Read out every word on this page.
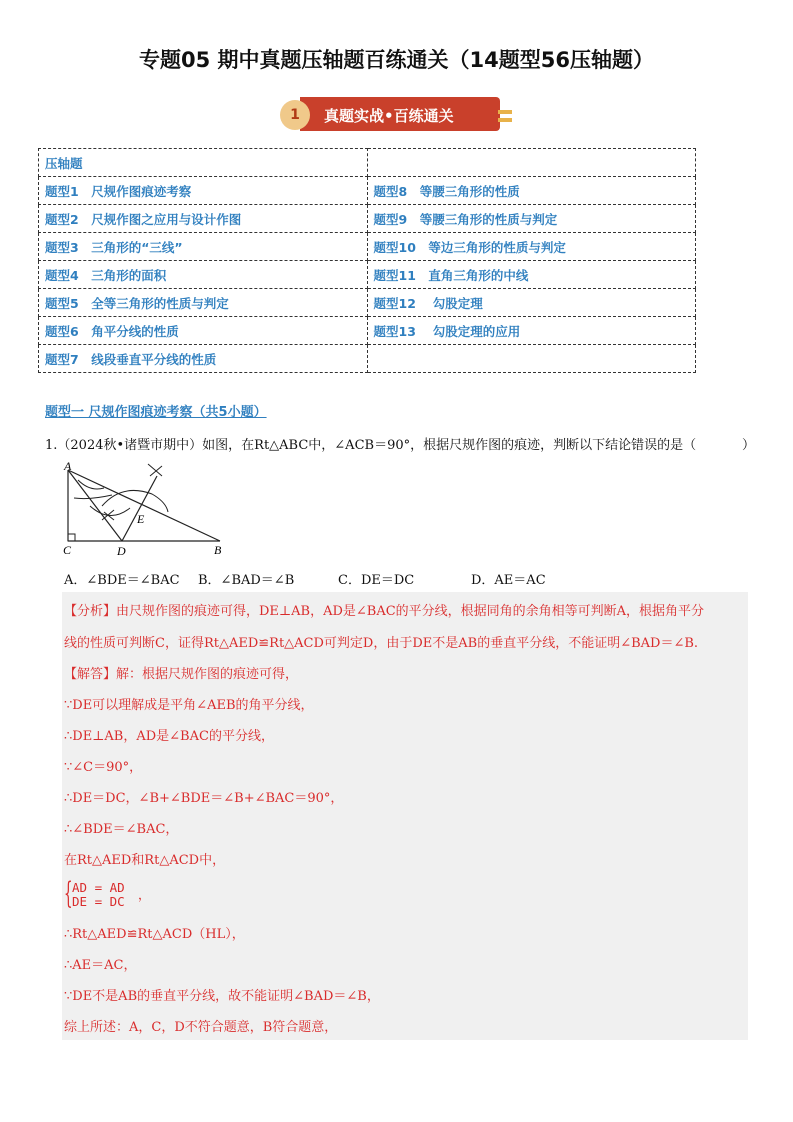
专题05 期中真题压轴题百练通关（14题型56压轴题）
1	真题实战•百练通关
压轴题	
题型1　尺规作图痕迹考察	题型8　等腰三角形的性质
题型2　尺规作图之应用与设计作图	题型9　等腰三角形的性质与判定
题型3　三角形的“三线”	题型10　等边三角形的性质与判定
题型4　三角形的面积	题型11　直角三角形的中线
题型5　全等三角形的性质与判定	题型12　 勾股定理
题型6　角平分线的性质	题型13　 勾股定理的应用
题型7　线段垂直平分线的性质	
题型一 尺规作图痕迹考察（共5小题）
1.（2024秋•诸暨市期中）如图，在Rt△ABC中，∠ACB＝90°，根据尺规作图的痕迹，判断以下结论错误的是（	）
A
B
C	D
E
A．∠BDE＝∠BAC B．∠BAD＝∠B	C．DE＝DC	D．AE＝AC
【分析】由尺规作图的痕迹可得，DE⊥AB，AD是∠BAC的平分线，根据同角的余角相等可判断A，根据角平分
线的性质可判断C，证得Rt△AED≌Rt△ACD可判定D，由于DE不是AB的垂直平分线，不能证明∠BAD＝∠B.
【解答】解：根据尺规作图的痕迹可得，
∵DE可以理解成是平角∠AEB的角平分线，
∴DE⊥AB，AD是∠BAC的平分线，
∵∠C＝90°，
∴DE＝DC，∠B+∠BDE＝∠B+∠BAC＝90°，
∴∠BDE＝∠BAC，
在Rt△AED和Rt△ACD中，
{ AD = AD
DE = DC ，
∴Rt△AED≌Rt△ACD（HL），
∴AE＝AC，
∵DE不是AB的垂直平分线，故不能证明∠BAD＝∠B，
综上所述：A，C，D不符合题意，B符合题意，
